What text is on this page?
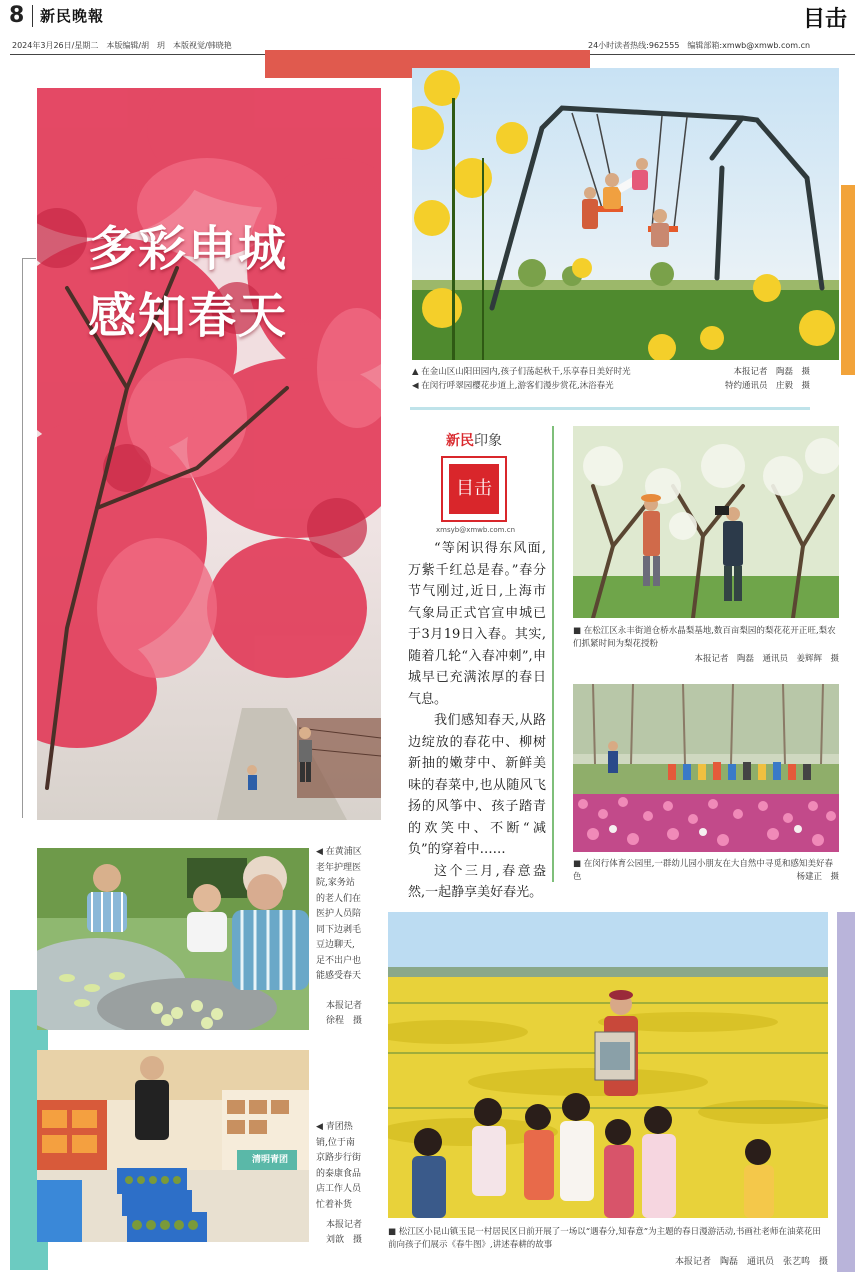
8 新民晚報	目击
2024年3月26日/星期二　本版编辑/胡　玥　本版视觉/韩晓艳	24小时读者热线:962555　编辑部箱:xmwb@xmwb.com.cn
多彩申城
感知春天
▲ 在金山区山阳田园内,孩子们荡起秋千,乐享春日美好时光	本报记者　陶磊　摄
◀ 在闵行呼翠园樱花步道上,游客们漫步赏花,沐浴春光	特约通讯员　庄毅　摄
新民印象
目击
xmsyb@xmwb.com.cn

“等闲识得东风面,万紫千红总是春。”春分节气刚过,近日,上海市气象局正式官宣申城已于3月19日入春。其实,随着几轮“入春冲刺”,申城早已充满浓厚的春日气息。

我们感知春天,从路边绽放的春花中、柳树新抽的嫩芽中、新鲜美味的春菜中,也从随风飞扬的风筝中、孩子踏青的欢笑中、不断“减负”的穿着中……

这个三月,春意盎然,一起静享美好春光。

■ 在松江区永丰街道仓桥水晶梨基地,数百亩梨园的梨花花开正旺,梨农们抓紧时间为梨花授粉
本报记者　陶磊　通讯员　姜辉辉　摄
■ 在闵行体育公园里,一群幼儿园小朋友在大自然中寻觅和感知美好春色	杨建正　摄
◀ 在黄浦区老年护理医院,家务站的老人们在医护人员陪同下边剥毛豆边聊天,足不出户也能感受春天
本报记者
徐程　摄
清明青团
◀ 青团热销,位于南京路步行街的泰康食品店工作人员忙着补货
本报记者
刘歆　摄
■ 松江区小昆山镇玉昆一村居民区日前开展了一场以“遇春分,知春意”为主题的春日漫游活动,书画社老师在油菜花田前向孩子们展示《春牛图》,讲述春耕的故事
本报记者　陶磊　通讯员　张艺鸣　摄
